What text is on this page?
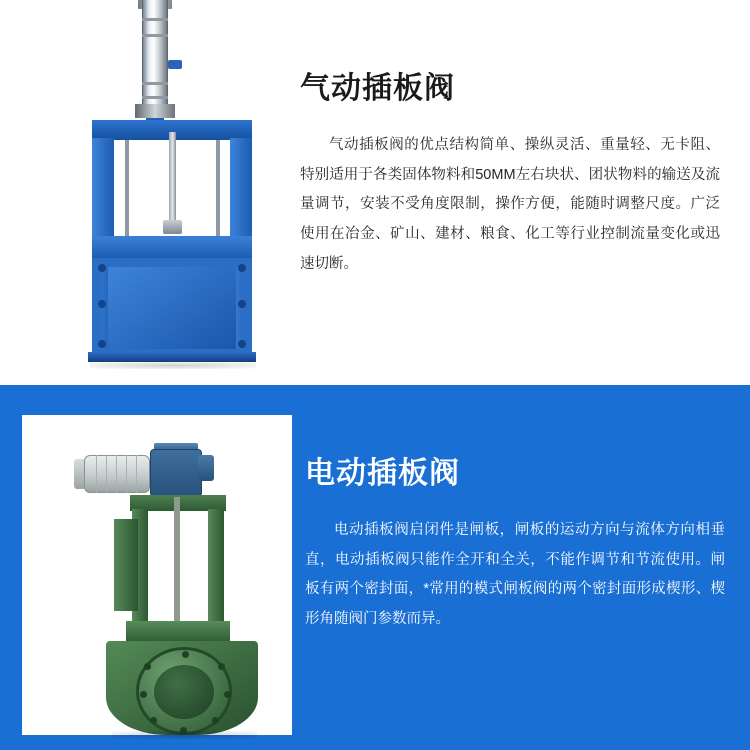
气动插板阀

气动插板阀的优点结构简单、操纵灵活、重量轻、无卡阻、特别适用于各类固体物料和50MM左右块状、团状物料的输送及流量调节，安装不受角度限制，操作方便，能随时调整尺度。广泛使用在冶金、矿山、建材、粮食、化工等行业控制流量变化或迅速切断。

电动插板阀

电动插板阀启闭件是闸板，闸板的运动方向与流体方向相垂直，电动插板阀只能作全开和全关，不能作调节和节流使用。闸板有两个密封面，*常用的模式闸板阀的两个密封面形成楔形、楔形角随阀门参数而异。
